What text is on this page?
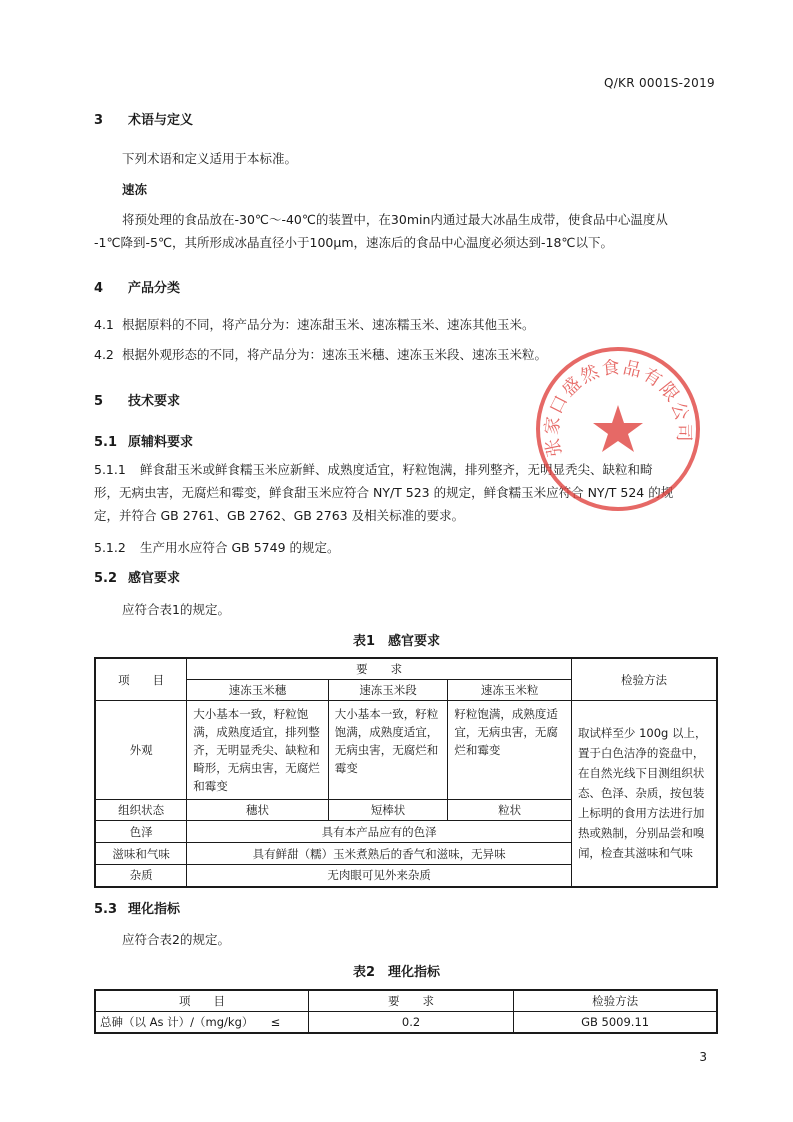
Q/KR 0001S-2019
3 术语与定义
下列术语和定义适用于本标准。
速冻
将预处理的食品放在-30℃～-40℃的装置中，在30min内通过最大冰晶生成带，使食品中心温度从
-1℃降到-5℃，其所形成冰晶直径小于100μm，速冻后的食品中心温度必须达到-18℃以下。
4 产品分类
4.1 根据原料的不同，将产品分为：速冻甜玉米、速冻糯玉米、速冻其他玉米。
4.2 根据外观形态的不同，将产品分为：速冻玉米穗、速冻玉米段、速冻玉米粒。
5 技术要求
5.1 原辅料要求
5.1.1 鲜食甜玉米或鲜食糯玉米应新鲜、成熟度适宜，籽粒饱满，排列整齐，无明显秃尖、缺粒和畸
形，无病虫害，无腐烂和霉变，鲜食甜玉米应符合 NY/T 523 的规定，鲜食糯玉米应符合 NY/T 524 的规
定，并符合 GB 2761、GB 2762、GB 2763 及相关标准的要求。
5.1.2 生产用水应符合 GB 5749 的规定。
5.2 感官要求
应符合表1的规定。
表1　感官要求
项　　目	要　　求			检验方法
	速冻玉米穗	速冻玉米段	速冻玉米粒	
外观	大小基本一致，籽粒饱满，成熟度适宜，排列整齐，无明显秃尖、缺粒和畸形，无病虫害，无腐烂和霉变	大小基本一致，籽粒饱满，成熟度适宜，无病虫害，无腐烂和霉变	籽粒饱满，成熟度适宜，无病虫害，无腐烂和霉变	取试样至少 100g 以上，置于白色洁净的瓷盘中，在自然光线下目测组织状态、色泽、杂质，按包装上标明的食用方法进行加热或熟制，分别品尝和嗅闻，检查其滋味和气味
组织状态	穗状	短棒状	粒状	
色泽	具有本产品应有的色泽			
滋味和气味	具有鲜甜（糯）玉米煮熟后的香气和滋味，无异味			
杂质	无肉眼可见外来杂质			
5.3 理化指标
应符合表2的规定。
表2　理化指标
项　　目	要　　求	检验方法
总砷（以 As 计）/（mg/kg）　　≤	0.2	GB 5009.11
张家口盛然食品有限公司
3
